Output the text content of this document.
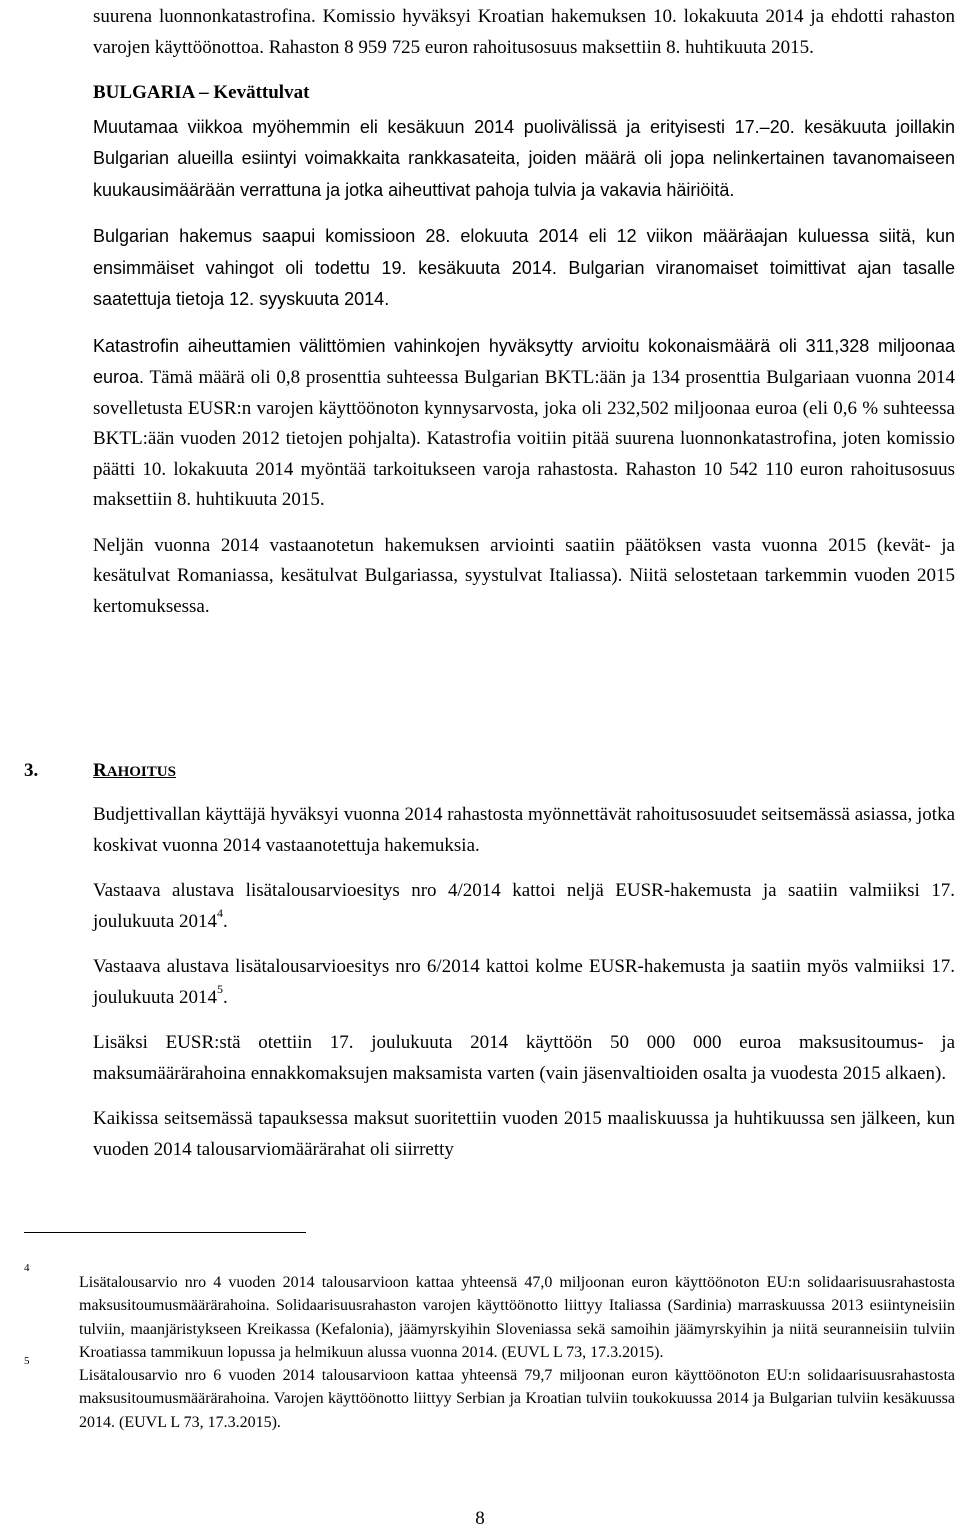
suurena luonnonkatastrofina. Komissio hyväksyi Kroatian hakemuksen 10. lokakuuta 2014 ja ehdotti rahaston varojen käyttöönottoa. Rahaston 8 959 725 euron rahoitusosuus maksettiin 8. huhtikuuta 2015.

BULGARIA – Kevättulvat

Muutamaa viikkoa myöhemmin eli kesäkuun 2014 puolivälissä ja erityisesti 17.–20. kesäkuuta joillakin Bulgarian alueilla esiintyi voimakkaita rankkasateita, joiden määrä oli jopa nelinkertainen tavanomaiseen kuukausimäärään verrattuna ja jotka aiheuttivat pahoja tulvia ja vakavia häiriöitä.

Bulgarian hakemus saapui komissioon 28. elokuuta 2014 eli 12 viikon määräajan kuluessa siitä, kun ensimmäiset vahingot oli todettu 19. kesäkuuta 2014. Bulgarian viranomaiset toimittivat ajan tasalle saatettuja tietoja 12. syyskuuta 2014.

Katastrofin aiheuttamien välittömien vahinkojen hyväksytty arvioitu kokonaismäärä oli 311,328 miljoonaa euroa. Tämä määrä oli 0,8 prosenttia suhteessa Bulgarian BKTL:ään ja 134 prosenttia Bulgariaan vuonna 2014 sovelletusta EUSR:n varojen käyttöönoton kynnysarvosta, joka oli 232,502 miljoonaa euroa (eli 0,6 % suhteessa BKTL:ään vuoden 2012 tietojen pohjalta). Katastrofia voitiin pitää suurena luonnonkatastrofina, joten komissio päätti 10. lokakuuta 2014 myöntää tarkoitukseen varoja rahastosta. Rahaston 10 542 110 euron rahoitusosuus maksettiin 8. huhtikuuta 2015.

Neljän vuonna 2014 vastaanotetun hakemuksen arviointi saatiin päätöksen vasta vuonna 2015 (kevät- ja kesätulvat Romaniassa, kesätulvat Bulgariassa, syystulvat Italiassa). Niitä selostetaan tarkemmin vuoden 2015 kertomuksessa.

3.	RAHOITUS

Budjettivallan käyttäjä hyväksyi vuonna 2014 rahastosta myönnettävät rahoitusosuudet seitsemässä asiassa, jotka koskivat vuonna 2014 vastaanotettuja hakemuksia.

Vastaava alustava lisätalousarvioesitys nro 4/2014 kattoi neljä EUSR-hakemusta ja saatiin valmiiksi 17. joulukuuta 2014$^4$.

Vastaava alustava lisätalousarvioesitys nro 6/2014 kattoi kolme EUSR-hakemusta ja saatiin myös valmiiksi 17. joulukuuta 2014$^5$.

Lisäksi EUSR:stä otettiin 17. joulukuuta 2014 käyttöön 50 000 000 euroa maksusitoumus- ja maksumäärärahoina ennakkomaksujen maksamista varten (vain jäsenvaltioiden osalta ja vuodesta 2015 alkaen).

Kaikissa seitsemässä tapauksessa maksut suoritettiin vuoden 2015 maaliskuussa ja huhtikuussa sen jälkeen, kun vuoden 2014 talousarviomäärärahat oli siirretty

4
Lisätalousarvio nro 4 vuoden 2014 talousarvioon kattaa yhteensä 47,0 miljoonan euron käyttöönoton EU:n solidaarisuusrahastosta maksusitoumusmäärärahoina. Solidaarisuusrahaston varojen käyttöönotto liittyy Italiassa (Sardinia) marraskuussa 2013 esiintyneisiin tulviin, maanjäristykseen Kreikassa (Kefalonia), jäämyrskyihin Sloveniassa sekä samoihin jäämyrskyihin ja niitä seuranneisiin tulviin Kroatiassa tammikuun lopussa ja helmikuun alussa vuonna 2014. (EUVL L 73, 17.3.2015).

5
Lisätalousarvio nro 6 vuoden 2014 talousarvioon kattaa yhteensä 79,7 miljoonan euron käyttöönoton EU:n solidaarisuusrahastosta maksusitoumusmäärärahoina. Varojen käyttöönotto liittyy Serbian ja Kroatian tulviin toukokuussa 2014 ja Bulgarian tulviin kesäkuussa 2014. (EUVL L 73, 17.3.2015).

8
